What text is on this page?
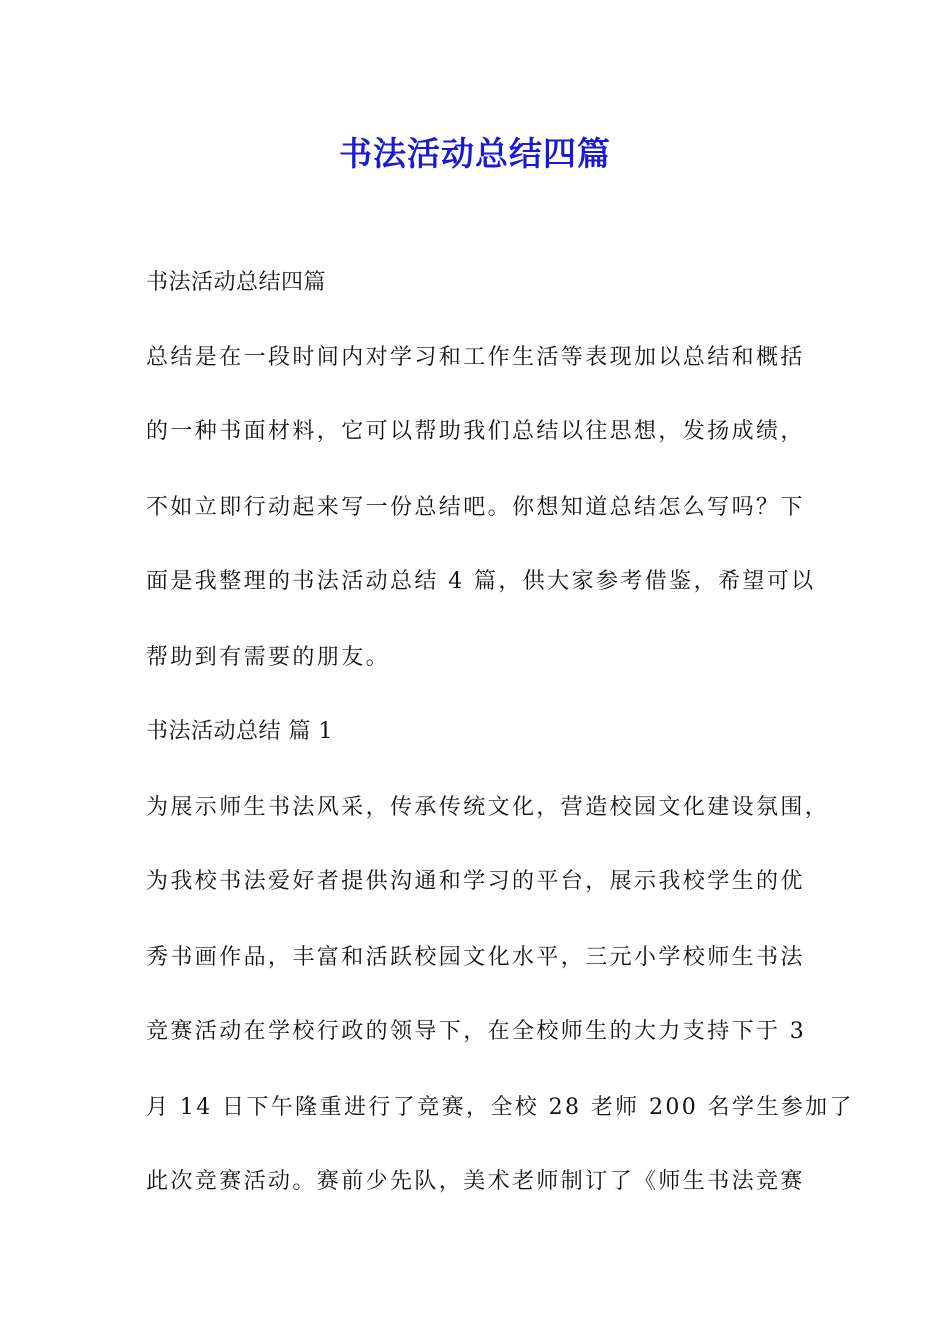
书法活动总结四篇
书法活动总结四篇
总结是在一段时间内对学习和工作生活等表现加以总结和概括
的一种书面材料，它可以帮助我们总结以往思想，发扬成绩，
不如立即行动起来写一份总结吧。你想知道总结怎么写吗？下
面是我整理的书法活动总结 4 篇，供大家参考借鉴，希望可以
帮助到有需要的朋友。
书法活动总结 篇 1
为展示师生书法风采，传承传统文化，营造校园文化建设氛围，
为我校书法爱好者提供沟通和学习的平台，展示我校学生的优
秀书画作品，丰富和活跃校园文化水平，三元小学校师生书法
竞赛活动在学校行政的领导下，在全校师生的大力支持下于 3
月 14 日下午隆重进行了竞赛，全校 28 老师 200 名学生参加了
此次竞赛活动。赛前少先队，美术老师制订了《师生书法竞赛
